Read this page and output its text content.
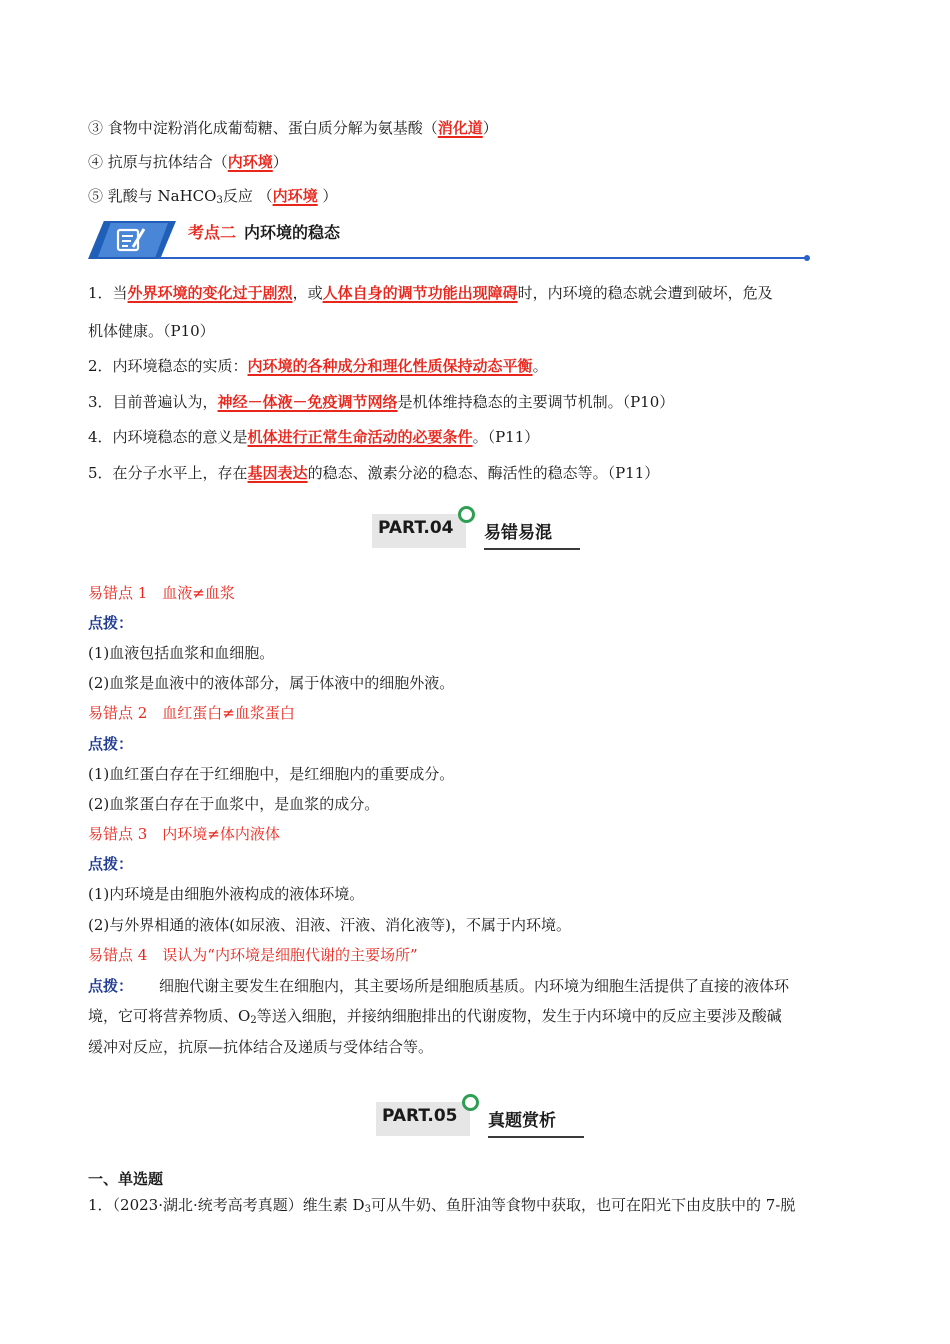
③ 食物中淀粉消化成葡萄糖、蛋白质分解为氨基酸（消化道）
④ 抗原与抗体结合（内环境）
⑤ 乳酸与 NaHCO$_3$反应 （内环境 ）
考点二 内环境的稳态
1．当外界环境的变化过于剧烈，或人体自身的调节功能出现障碍时，内环境的稳态就会遭到破坏，危及
机体健康。（P10）
2．内环境稳态的实质：内环境的各种成分和理化性质保持动态平衡。
3．目前普遍认为，神经－体液－免疫调节网络是机体维持稳态的主要调节机制。（P10）
4．内环境稳态的意义是机体进行正常生命活动的必要条件。（P11）
5．在分子水平上，存在基因表达的稳态、激素分泌的稳态、酶活性的稳态等。（P11）
PART.04 易错易混
易错点 1　血液≠血浆
点拨：
(1)血液包括血浆和血细胞。
(2)血浆是血液中的液体部分，属于体液中的细胞外液。
易错点 2　血红蛋白≠血浆蛋白
点拨：
(1)血红蛋白存在于红细胞中，是红细胞内的重要成分。
(2)血浆蛋白存在于血浆中，是血浆的成分。
易错点 3　内环境≠体内液体
点拨：
(1)内环境是由细胞外液构成的液体环境。
(2)与外界相通的液体(如尿液、泪液、汗液、消化液等)，不属于内环境。
易错点 4　误认为“内环境是细胞代谢的主要场所”
点拨： 细胞代谢主要发生在细胞内，其主要场所是细胞质基质。内环境为细胞生活提供了直接的液体环
境，它可将营养物质、$O_2$等送入细胞，并接纳细胞排出的代谢废物，发生于内环境中的反应主要涉及酸碱
缓冲对反应，抗原—抗体结合及递质与受体结合等。
PART.05 真题赏析
一、单选题
1．（2023·湖北·统考高考真题）维生素 $D_3$可从牛奶、鱼肝油等食物中获取，也可在阳光下由皮肤中的 7-脱
